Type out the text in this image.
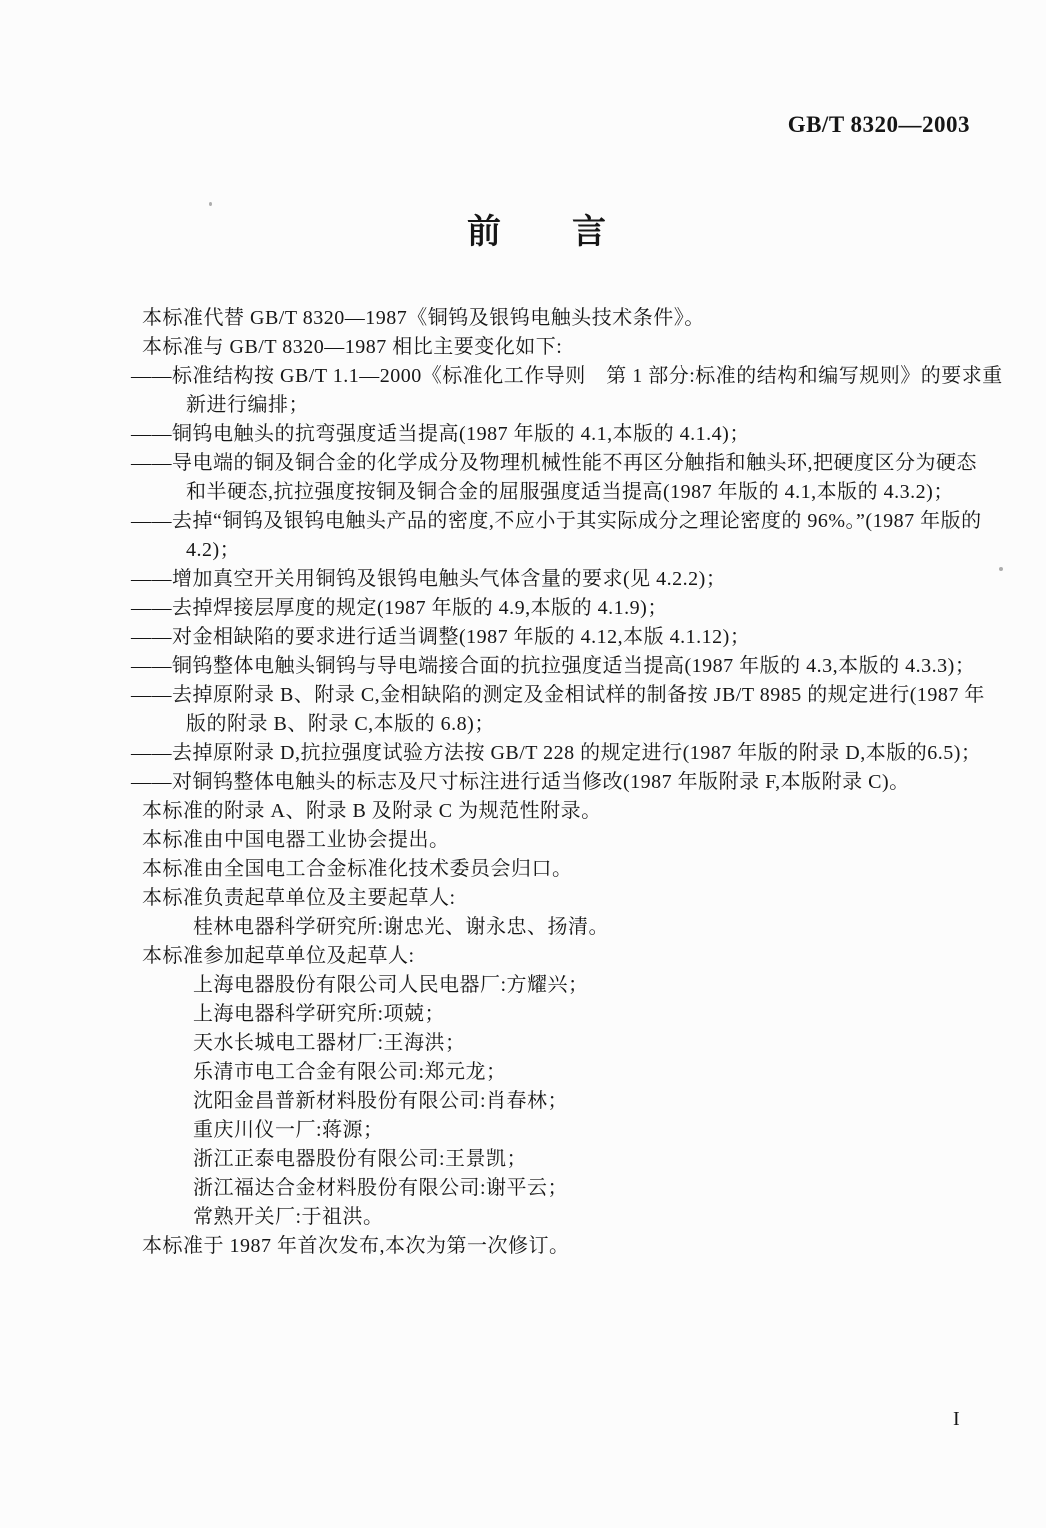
GB/T 8320—2003
前　　言
本标准代替 GB/T 8320—1987《铜钨及银钨电触头技术条件》。
本标准与 GB/T 8320—1987 相比主要变化如下:
——标准结构按 GB/T 1.1—2000《标准化工作导则　第 1 部分:标准的结构和编写规则》的要求重
新进行编排；
——铜钨电触头的抗弯强度适当提高(1987 年版的 4.1,本版的 4.1.4)；
——导电端的铜及铜合金的化学成分及物理机械性能不再区分触指和触头环,把硬度区分为硬态
和半硬态,抗拉强度按铜及铜合金的屈服强度适当提高(1987 年版的 4.1,本版的 4.3.2)；
——去掉“铜钨及银钨电触头产品的密度,不应小于其实际成分之理论密度的 96%。”(1987 年版的
4.2)；
——增加真空开关用铜钨及银钨电触头气体含量的要求(见 4.2.2)；
——去掉焊接层厚度的规定(1987 年版的 4.9,本版的 4.1.9)；
——对金相缺陷的要求进行适当调整(1987 年版的 4.12,本版 4.1.12)；
——铜钨整体电触头铜钨与导电端接合面的抗拉强度适当提高(1987 年版的 4.3,本版的 4.3.3)；
——去掉原附录 B、附录 C,金相缺陷的测定及金相试样的制备按 JB/T 8985 的规定进行(1987 年
版的附录 B、附录 C,本版的 6.8)；
——去掉原附录 D,抗拉强度试验方法按 GB/T 228 的规定进行(1987 年版的附录 D,本版的6.5)；
——对铜钨整体电触头的标志及尺寸标注进行适当修改(1987 年版附录 F,本版附录 C)。
本标准的附录 A、附录 B 及附录 C 为规范性附录。
本标准由中国电器工业协会提出。
本标准由全国电工合金标准化技术委员会归口。
本标准负责起草单位及主要起草人:
桂林电器科学研究所:谢忠光、谢永忠、扬清。
本标准参加起草单位及起草人:
上海电器股份有限公司人民电器厂:方耀兴；
上海电器科学研究所:项兢；
天水长城电工器材厂:王海洪；
乐清市电工合金有限公司:郑元龙；
沈阳金昌普新材料股份有限公司:肖春林；
重庆川仪一厂:蒋源；
浙江正泰电器股份有限公司:王景凯；
浙江福达合金材料股份有限公司:谢平云；
常熟开关厂:于祖洪。
本标准于 1987 年首次发布,本次为第一次修订。
I
